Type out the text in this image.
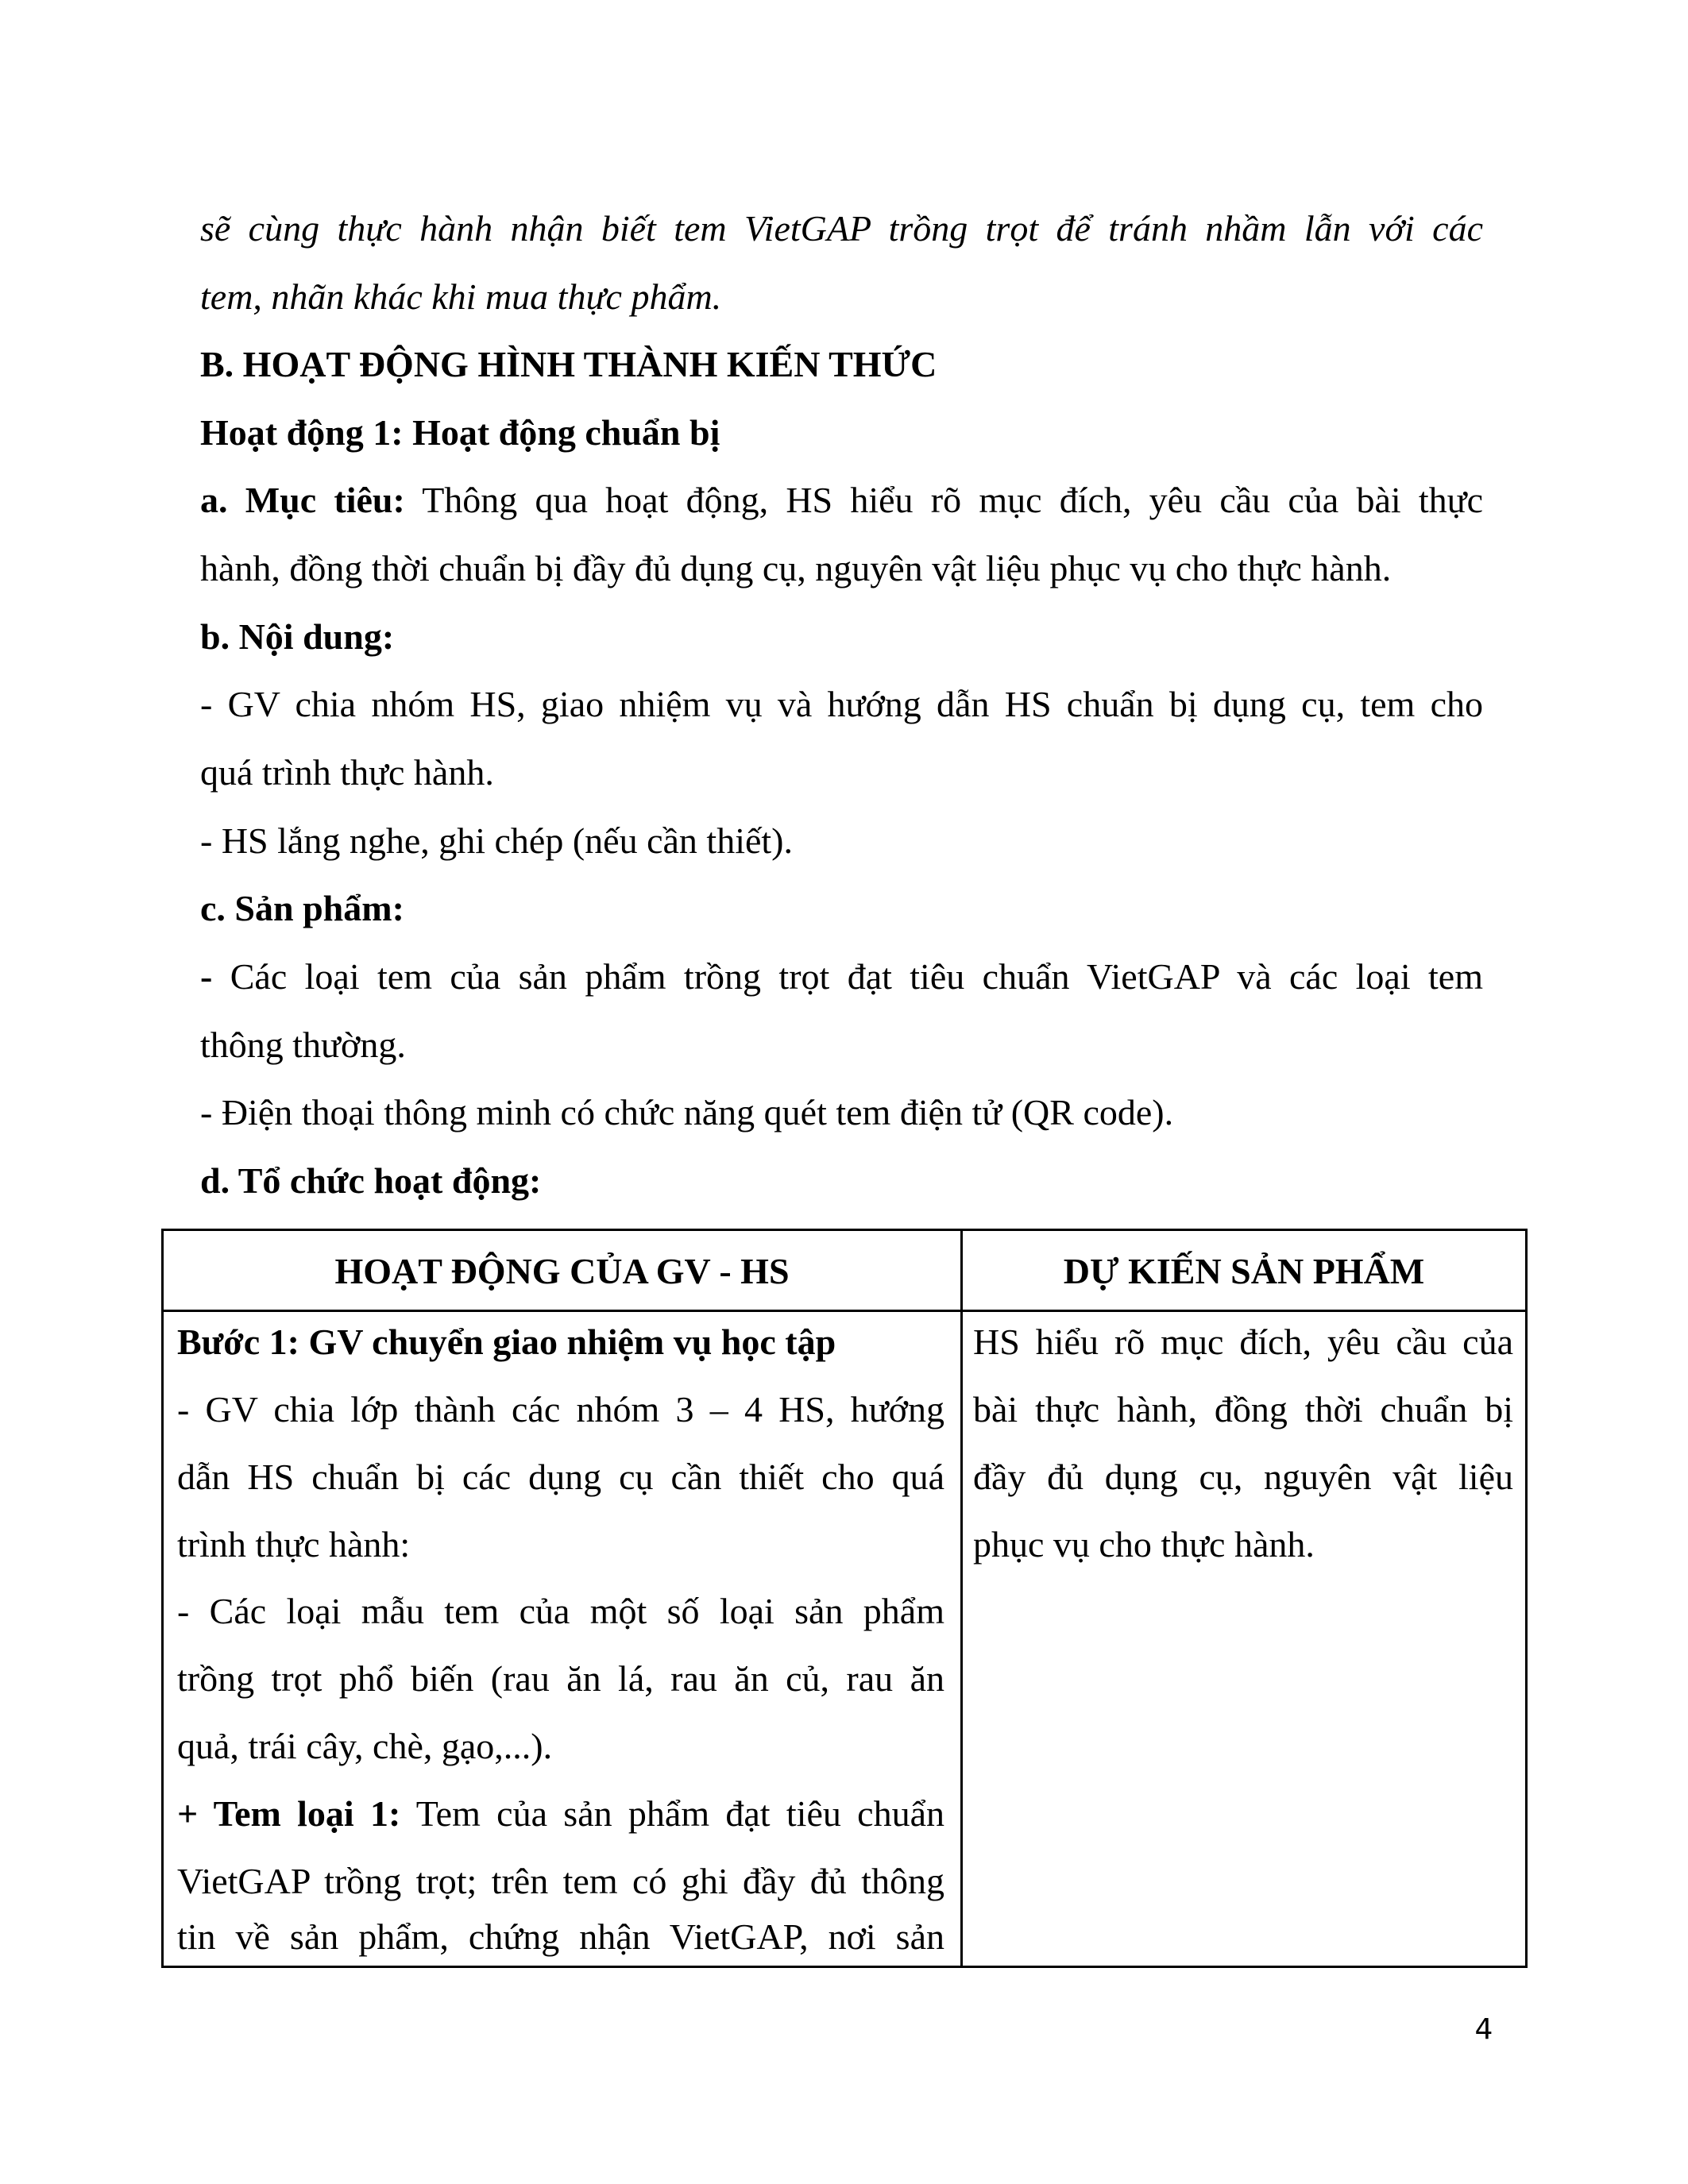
sẽ cùng thực hành nhận biết tem VietGAP trồng trọt để tránh nhầm lẫn với các
tem, nhãn khác khi mua thực phẩm.
B. HOẠT ĐỘNG HÌNH THÀNH KIẾN THỨC
Hoạt động 1: Hoạt động chuẩn bị
a. Mục tiêu: Thông qua hoạt động, HS hiểu rõ mục đích, yêu cầu của bài thực
hành, đồng thời chuẩn bị đầy đủ dụng cụ, nguyên vật liệu phục vụ cho thực hành.
b. Nội dung:
- GV chia nhóm HS, giao nhiệm vụ và hướng dẫn HS chuẩn bị dụng cụ, tem cho
quá trình thực hành.
- HS lắng nghe, ghi chép (nếu cần thiết).
c. Sản phẩm:
- Các loại tem của sản phẩm trồng trọt đạt tiêu chuẩn VietGAP và các loại tem
thông thường.
- Điện thoại thông minh có chức năng quét tem điện tử (QR code).
d. Tổ chức hoạt động:
HOẠT ĐỘNG CỦA GV - HS	DỰ KIẾN SẢN PHẨM
Bước 1: GV chuyển giao nhiệm vụ học tập
- GV chia lớp thành các nhóm 3 – 4 HS, hướng
dẫn HS chuẩn bị các dụng cụ cần thiết cho quá
trình thực hành:
- Các loại mẫu tem của một số loại sản phẩm
trồng trọt phổ biến (rau ăn lá, rau ăn củ, rau ăn
quả, trái cây, chè, gạo,...).
+ Tem loại 1: Tem của sản phẩm đạt tiêu chuẩn
VietGAP trồng trọt; trên tem có ghi đầy đủ thông
tin về sản phẩm, chứng nhận VietGAP, nơi sản
HS hiểu rõ mục đích, yêu cầu của
bài thực hành, đồng thời chuẩn bị
đầy đủ dụng cụ, nguyên vật liệu
phục vụ cho thực hành.
4
